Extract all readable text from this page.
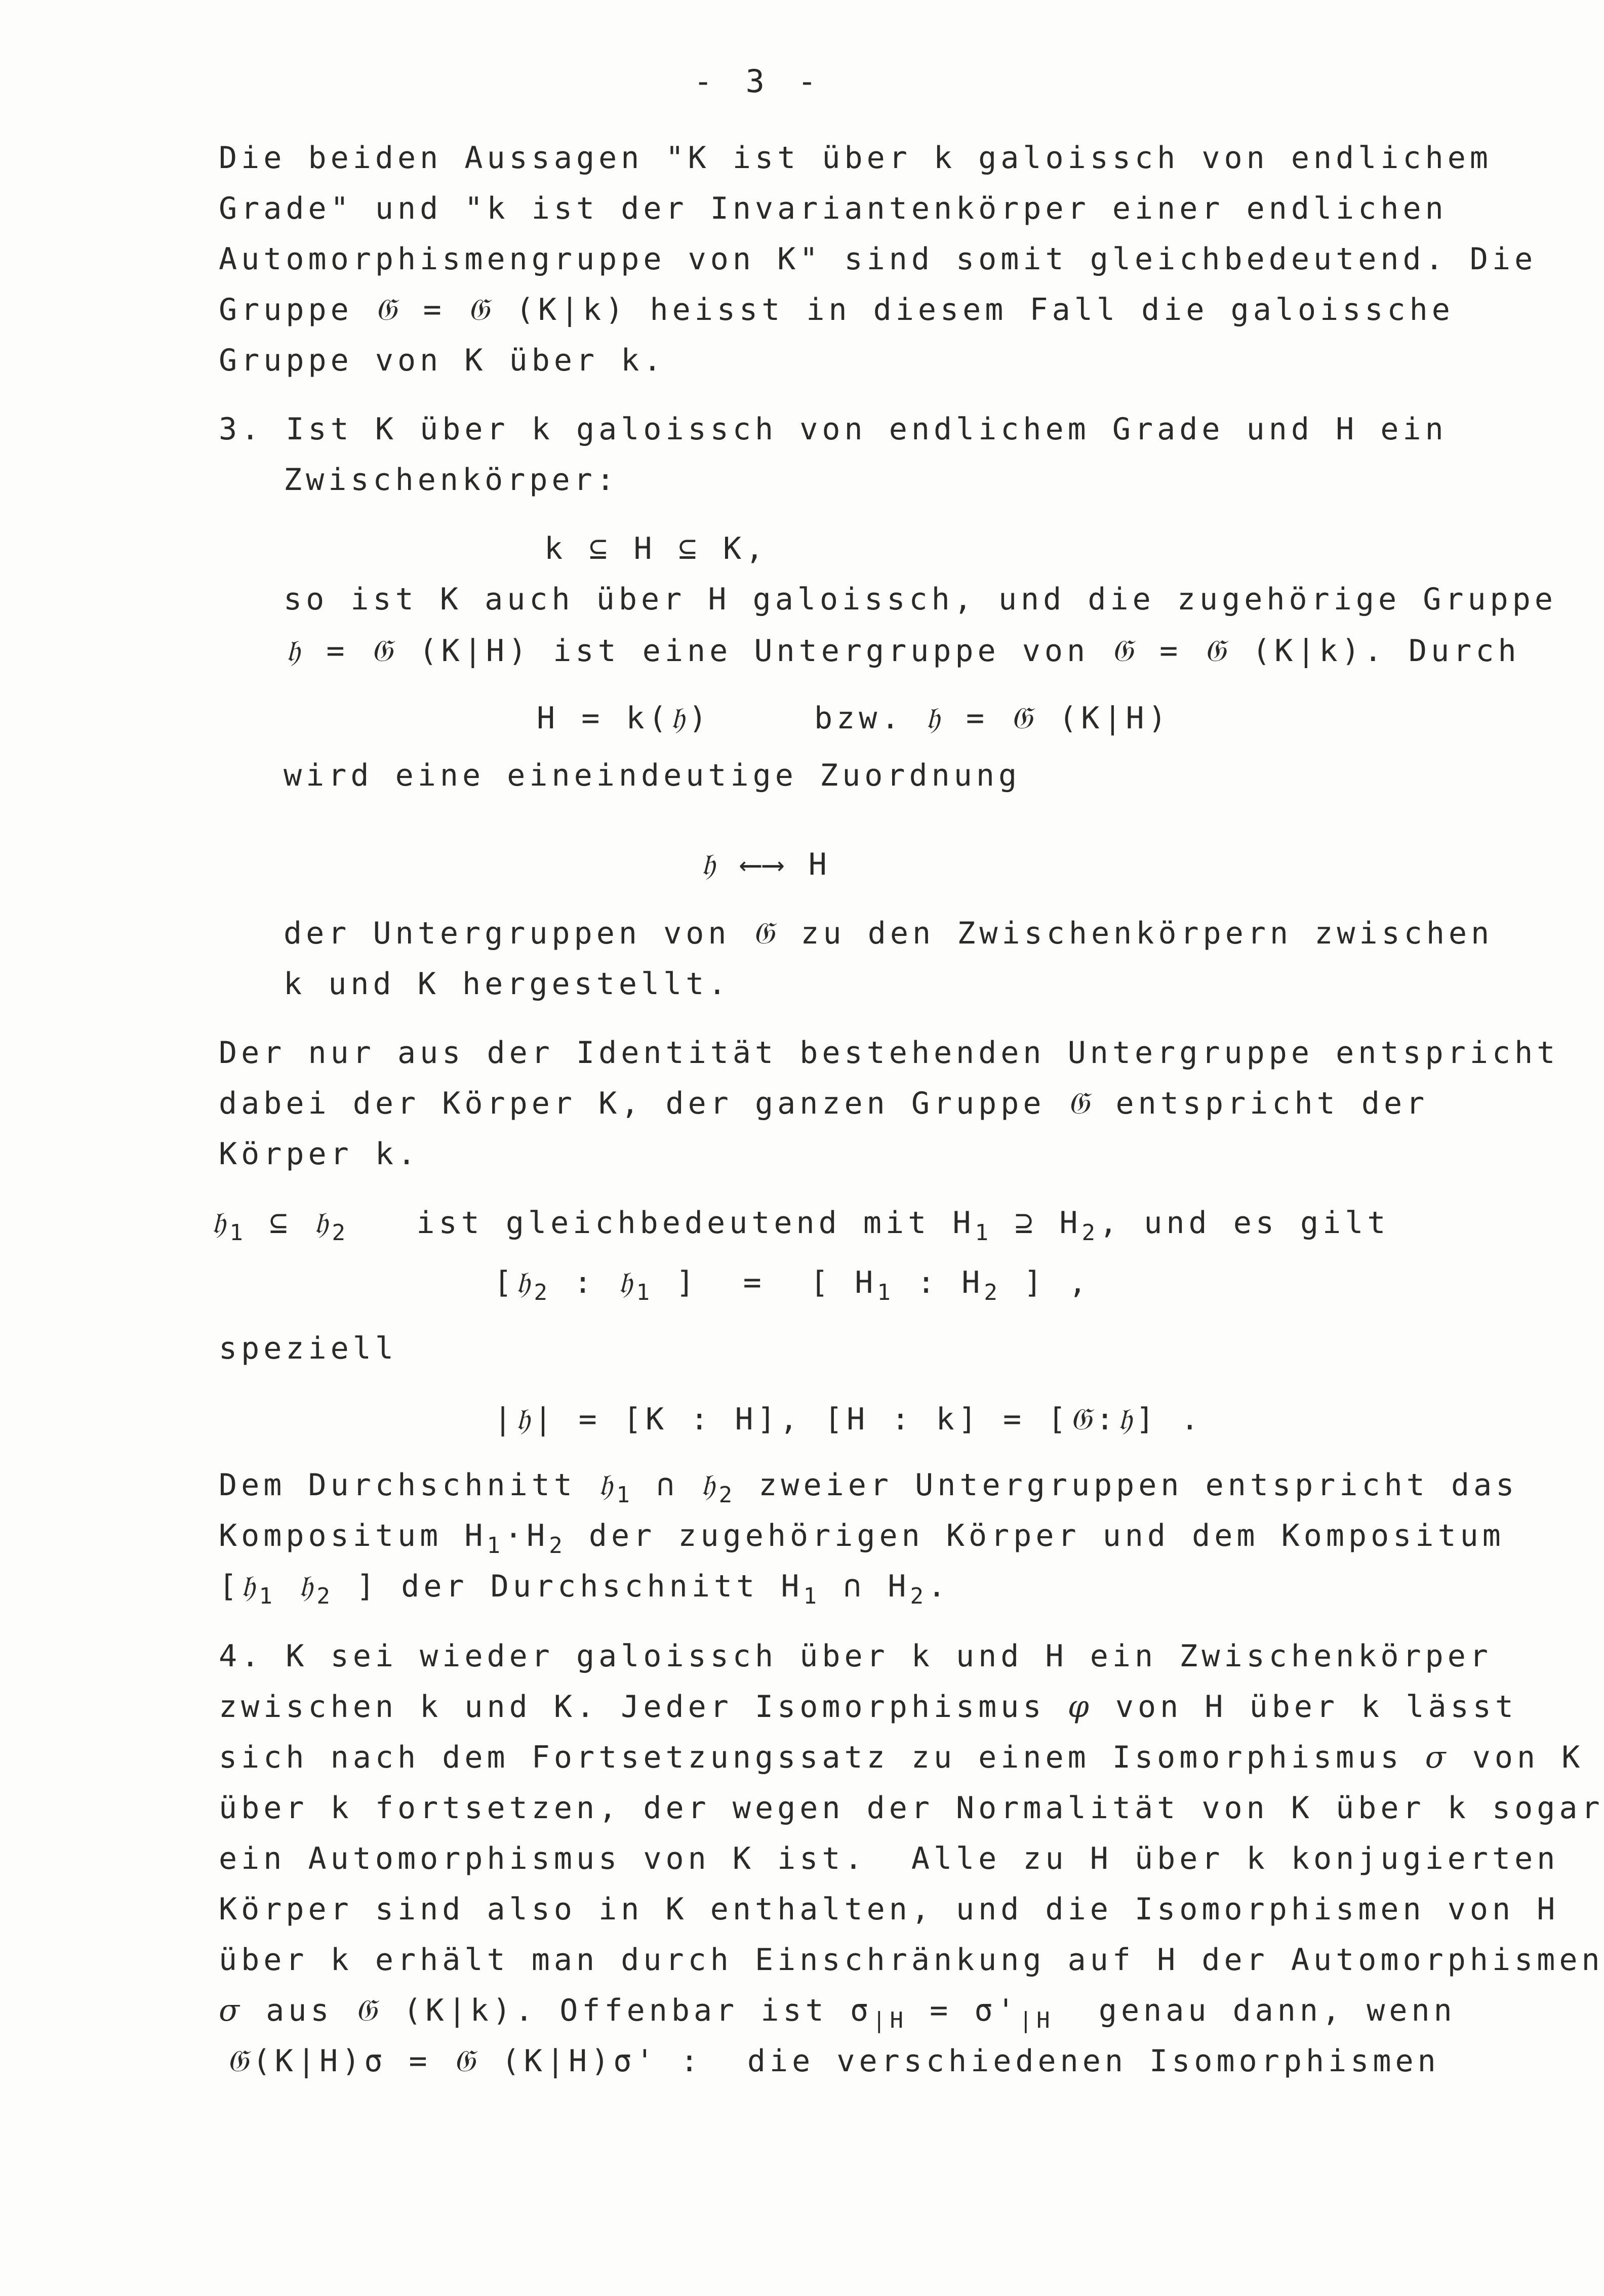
- 3 -
Die beiden Aussagen "K ist über k galoissch von endlichem
Grade" und "k ist der Invariantenkörper einer endlichen
Automorphismengruppe von K" sind somit gleichbedeutend. Die
Gruppe 𝔊 = 𝔊 (K|k) heisst in diesem Fall die galoissche
Gruppe von K über k.
3. Ist K über k galoissch von endlichem Grade und H ein
Zwischenkörper:
k ⊆ H ⊆ K,
so ist K auch über H galoissch, und die zugehörige Gruppe
𝔥 = 𝔊 (K|H) ist eine Untergruppe von 𝔊 = 𝔊 (K|k). Durch
H = k(𝔥)	bzw. 𝔥 = 𝔊 (K|H)
wird eine eineindeutige Zuordnung
𝔥 ⟵⟶ H
der Untergruppen von 𝔊 zu den Zwischenkörpern zwischen
k und K hergestellt.
Der nur aus der Identität bestehenden Untergruppe entspricht
dabei der Körper K, der ganzen Gruppe 𝔊 entspricht der
Körper k.
𝔥$_1$ ⊆ 𝔥$_2$   ist gleichbedeutend mit $H_1$ ⊇ $H_2$, und es gilt
[𝔥$_2$ : 𝔥$_1$ ]  =  [ $H_1$ : $H_2$ ] ,
speziell
|𝔥| = [K : H], [H : k] = [𝔊:𝔥] .
Dem Durchschnitt 𝔥$_1$ ∩ 𝔥$_2$ zweier Untergruppen entspricht das
Kompositum $H_1\cdot H_2$ der zugehörigen Körper und dem Kompositum
[𝔥$_1$ 𝔥$_2$ ] der Durchschnitt $H_1$ ∩ $H_2$.
4. K sei wieder galoissch über k und H ein Zwischenkörper
zwischen k und K. Jeder Isomorphismus φ von H über k lässt
sich nach dem Fortsetzungssatz zu einem Isomorphismus σ von K
über k fortsetzen, der wegen der Normalität von K über k sogar
ein Automorphismus von K ist.  Alle zu H über k konjugierten
Körper sind also in K enthalten, und die Isomorphismen von H
über k erhält man durch Einschränkung auf H der Automorphismen
σ aus 𝔊 (K|k). Offenbar ist $\sigma_{|H} = \sigma'_{|H}$  genau dann, wenn
𝔊(K|H)σ = 𝔊 (K|H)σ' :  die verschiedenen Isomorphismen
